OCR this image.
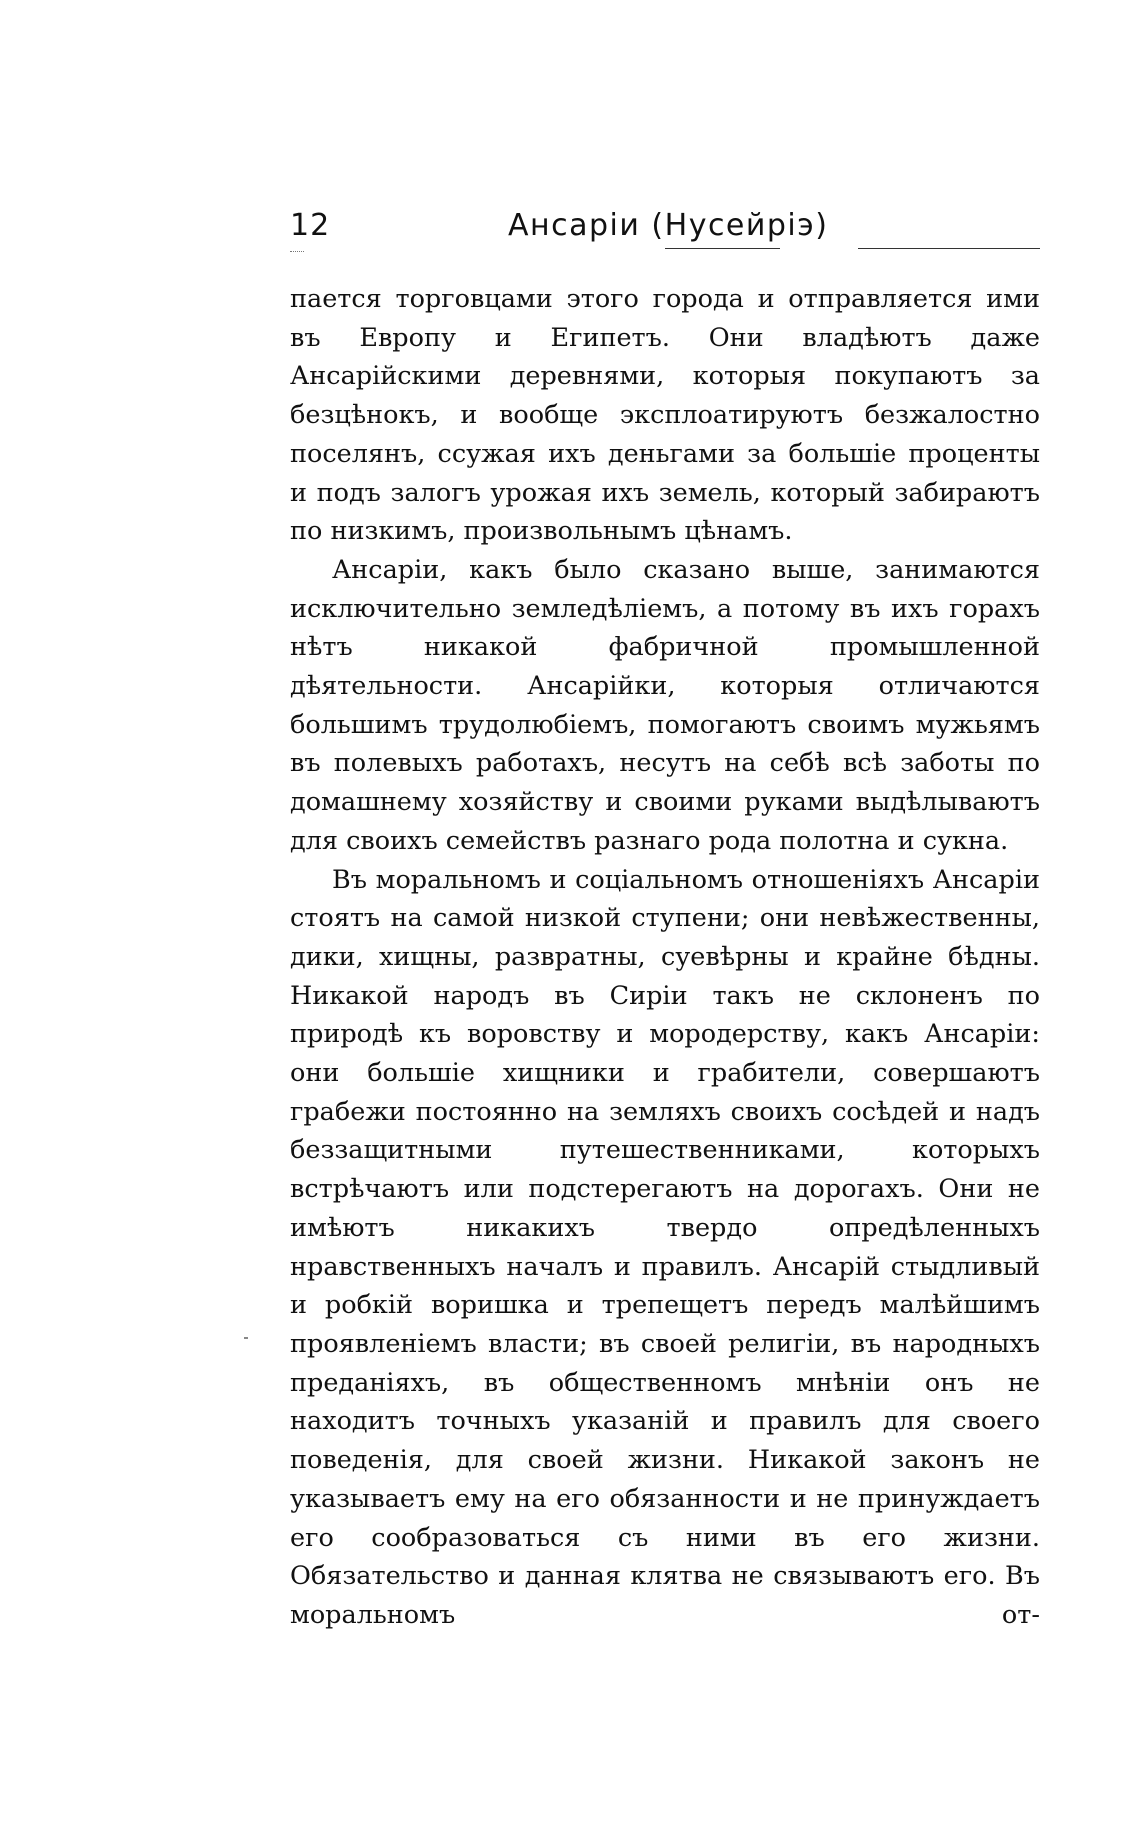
12	Ансаріи (Нусейріэ)

пается торговцами этого города и отправляется ими въ Европу и Египетъ. Они владѣютъ даже Ансарійскими деревнями, которыя покупаютъ за безцѣнокъ, и вообще эксплоатируютъ безжалостно поселянъ, ссужая ихъ деньгами за большіе проценты и подъ залогъ урожая ихъ земель, который забираютъ по низкимъ, произвольнымъ цѣнамъ.

Ансаріи, какъ было сказано выше, занимаются исключительно земледѣліемъ, а потому въ ихъ горахъ нѣтъ никакой фабричной промышленной дѣятельности. Ансарійки, которыя отличаются большимъ трудолюбіемъ, помогаютъ своимъ мужьямъ въ полевыхъ работахъ, несутъ на себѣ всѣ заботы по домашнему хозяйству и своими руками выдѣлываютъ для своихъ семействъ разнаго рода полотна и сукна.

Въ моральномъ и соціальномъ отношеніяхъ Ансаріи стоятъ на самой низкой ступени; они невѣжественны, дики, хищны, развратны, суевѣрны и крайне бѣдны. Никакой народъ въ Сиріи такъ не склоненъ по природѣ къ воровству и мородерству, какъ Ансаріи: они большіе хищники и грабители, совершаютъ грабежи постоянно на земляхъ своихъ сосѣдей и надъ беззащитными путешественниками, которыхъ встрѣчаютъ или подстерегаютъ на дорогахъ. Они не имѣютъ никакихъ твердо опредѣленныхъ нравственныхъ началъ и правилъ. Ансарій стыдливый и робкій воришка и трепещетъ передъ малѣйшимъ проявленіемъ власти; въ своей религіи, въ народныхъ преданіяхъ, въ общественномъ мнѣніи онъ не находитъ точныхъ указаній и правилъ для своего поведенія, для своей жизни. Никакой законъ не указываетъ ему на его обязанности и не принуждаетъ его сообразоваться съ ними въ его жизни. Обязательство и данная клятва не связываютъ его. Въ моральномъ от-
